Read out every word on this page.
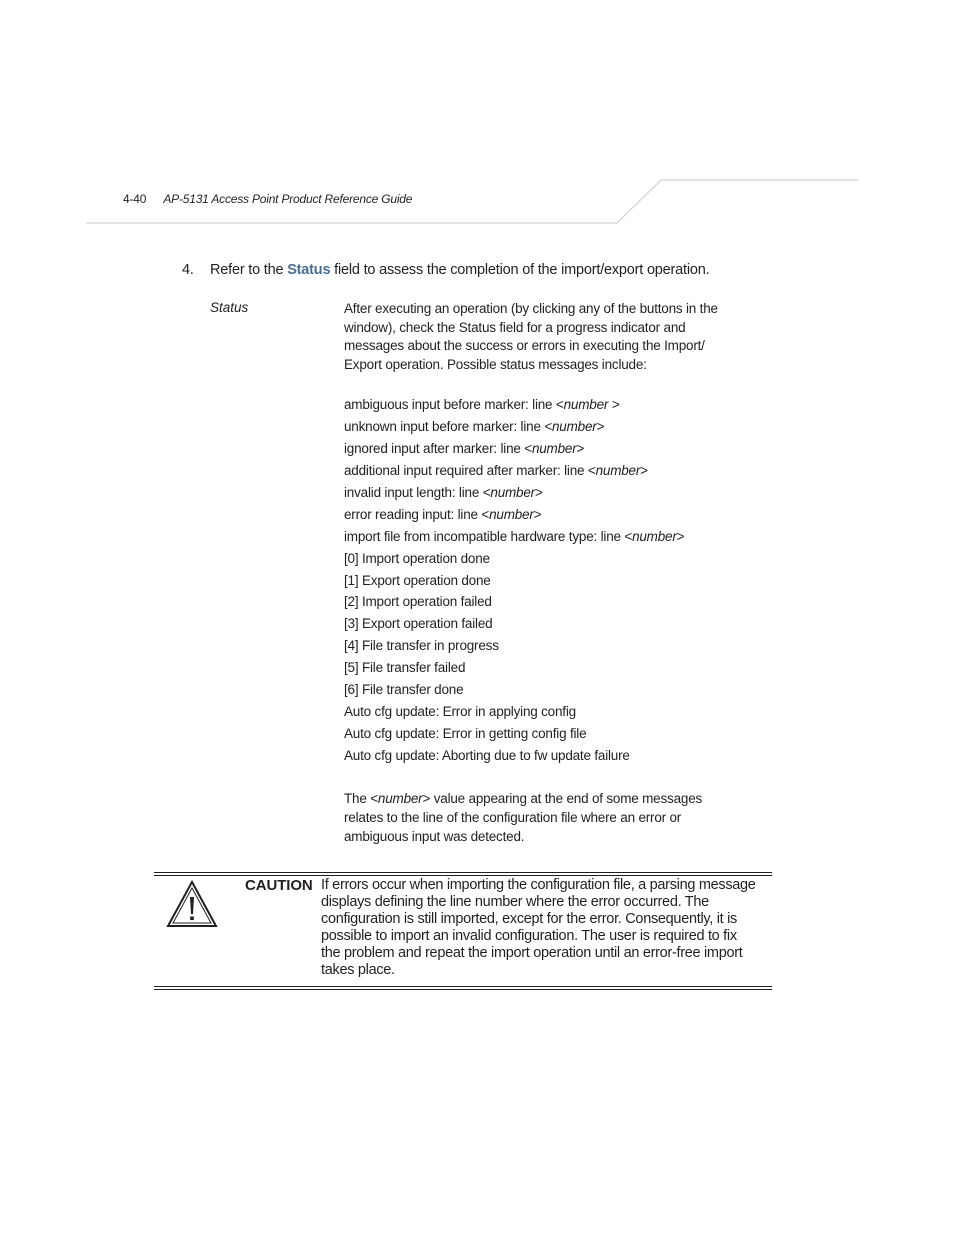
4-40 AP-5131 Access Point Product Reference Guide
4. Refer to the Status field to assess the completion of the import/export operation.
Status	After executing an operation (by clicking any of the buttons in the window), check the Status field for a progress indicator and messages about the success or errors in executing the Import/ Export operation. Possible status messages include:

ambiguous input before marker: line <number >
unknown input before marker: line <number>
ignored input after marker: line <number>
additional input required after marker: line <number>
invalid input length: line <number>
error reading input: line <number>
import file from incompatible hardware type: line <number>
[0] Import operation done
[1] Export operation done
[2] Import operation failed
[3] Export operation failed
[4] File transfer in progress
[5] File transfer failed
[6] File transfer done
Auto cfg update: Error in applying config
Auto cfg update: Error in getting config file
Auto cfg update: Aborting due to fw update failure
The <number> value appearing at the end of some messages relates to the line of the configuration file where an error or ambiguous input was detected.
CAUTION If errors occur when importing the configuration file, a parsing message displays defining the line number where the error occurred. The configuration is still imported, except for the error. Consequently, it is possible to import an invalid configuration. The user is required to fix the problem and repeat the import operation until an error-free import takes place.
